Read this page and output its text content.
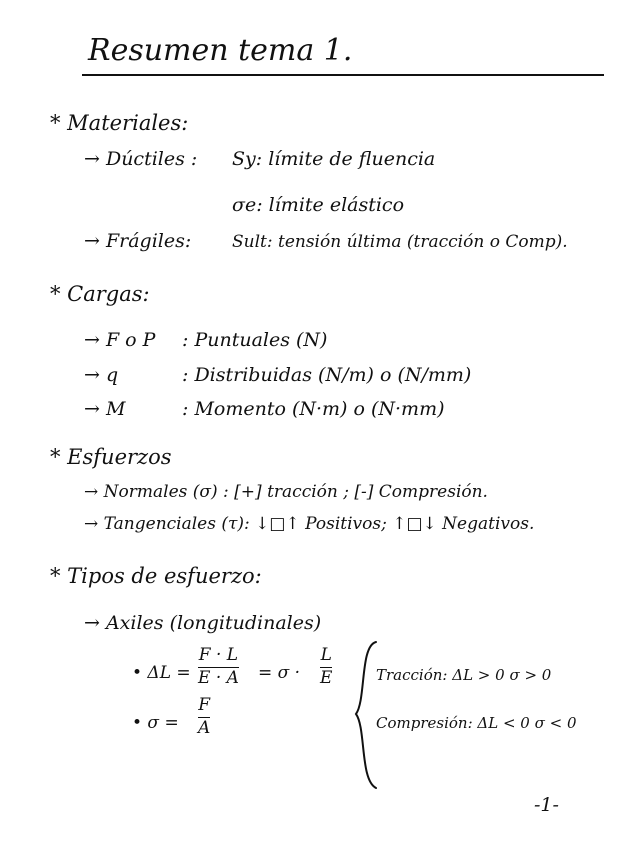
Resumen tema 1.
* Materiales:
→ Dúctiles : Sy: límite de fluencia
σe: límite elástico
→ Frágiles: Sult: tensión última (tracción o Comp).
* Cargas:
→ F o P : Puntuales (N)
→ q	: Distribuidas (N/m) o (N/mm)
→ M	: Momento (N·m) o (N·mm)
* Esfuerzos
→ Normales (σ) : [+] tracción ; [-] Compresión.
→ Tangenciales (τ): ↓□↑ Positivos; ↑□↓ Negativos.
* Tipos de esfuerzo:
→ Axiles (longitudinales)
• ΔL =
F · L
E · A = σ ·
L
E
• σ =
F
A
Tracción: ΔL > 0 σ > 0
Compresión: ΔL < 0 σ < 0
-1-
